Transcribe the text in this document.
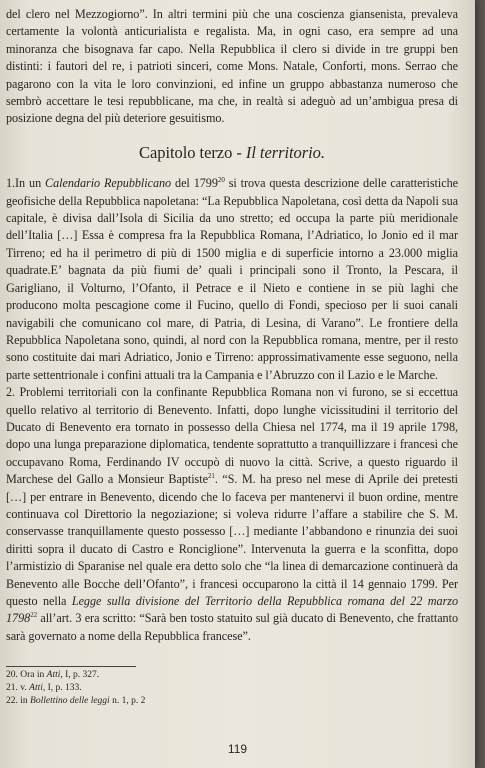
del clero nel Mezzogiorno”. In altri termini più che una coscienza giansenista, prevaleva certamente la volontà anticurialista e regalista. Ma, in ogni caso, era sempre ad una minoranza che bisognava far capo. Nella Repubblica il clero si divide in tre gruppi ben distinti: i fautori del re, i patrioti sinceri, come Mons. Natale, Conforti, mons. Serrao che pagarono con la vita le loro convinzioni, ed infine un gruppo abbastanza numeroso che sembrò accettare le tesi repubblicane, ma che, in realtà si adeguò ad un’ambigua presa di posizione degna del più deteriore gesuitismo.

Capitolo terzo - Il territorio.

1.In un Calendario Repubblicano del 1799$^{20}$ si trova questa descrizione delle caratteristiche geofisiche della Repubblica napoletana: “La Repubblica Napoletana, così detta da Napoli sua capitale, è divisa dall’Isola di Sicilia da uno stretto; ed occupa la parte più meridionale dell’Italia […] Essa è compresa fra la Repubblica Romana, l’Adriatico, lo Jonio ed il mar Tirreno; ed ha il perimetro di più di 1500 miglia e di superficie intorno a 23.000 miglia quadrate.E’ bagnata da più fiumi de’ quali i principali sono il Tronto, la Pescara, il Garigliano, il Volturno, l’Ofanto, il Petrace e il Nieto e contiene in se più laghi che producono molta pescagione come il Fucino, quello di Fondi, specioso per li suoi canali navigabili che comunicano col mare, di Patria, di Lesina, di Varano”. Le frontiere della Repubblica Napoletana sono, quindi, al nord con la Repubblica romana, mentre, per il resto sono costituite dai mari Adriatico, Jonio e Tirreno: approssimativamente esse seguono, nella parte settentrionale i confini attuali tra la Campania e l’Abruzzo con il Lazio e le Marche.

2. Problemi territoriali con la confinante Repubblica Romana non vi furono, se si eccettua quello relativo al territorio di Benevento. Infatti, dopo lunghe vicissitudini il territorio del Ducato di Benevento era tornato in possesso della Chiesa nel 1774, ma il 19 aprile 1798, dopo una lunga preparazione diplomatica, tendente soprattutto a tranquillizzare i francesi che occupavano Roma, Ferdinando IV occupò di nuovo la città. Scrive, a questo riguardo il Marchese del Gallo a Monsieur Baptiste$^{21}$. “S. M. ha preso nel mese di Aprile dei pretesti […] per entrare in Benevento, dicendo che lo faceva per mantenervi il buon ordine, mentre continuava col Direttorio la negoziazione; si voleva ridurre l’affare a stabilire che S. M. conservasse tranquillamente questo possesso […] mediante l’abbandono e rinunzia dei suoi diritti sopra il ducato di Castro e Ronciglione”. Intervenuta la guerra e la sconfitta, dopo l’armistizio di Sparanise nel quale era detto solo che “la linea di demarcazione continuerà da Benevento alle Bocche dell’Ofanto”, i francesi occuparono la città il 14 gennaio 1799. Per questo nella Legge sulla divisione del Territorio della Repubblica romana del 22 marzo 1798$^{22}$ all’art. 3 era scritto: “Sarà ben tosto statuito sul già ducato di Benevento, che frattanto sarà governato a nome della Repubblica francese”.

20. Ora in Atti, I, p. 327.
21. v. Atti, I, p. 133.
22. in Bollettino delle leggi n. 1, p. 2
119
